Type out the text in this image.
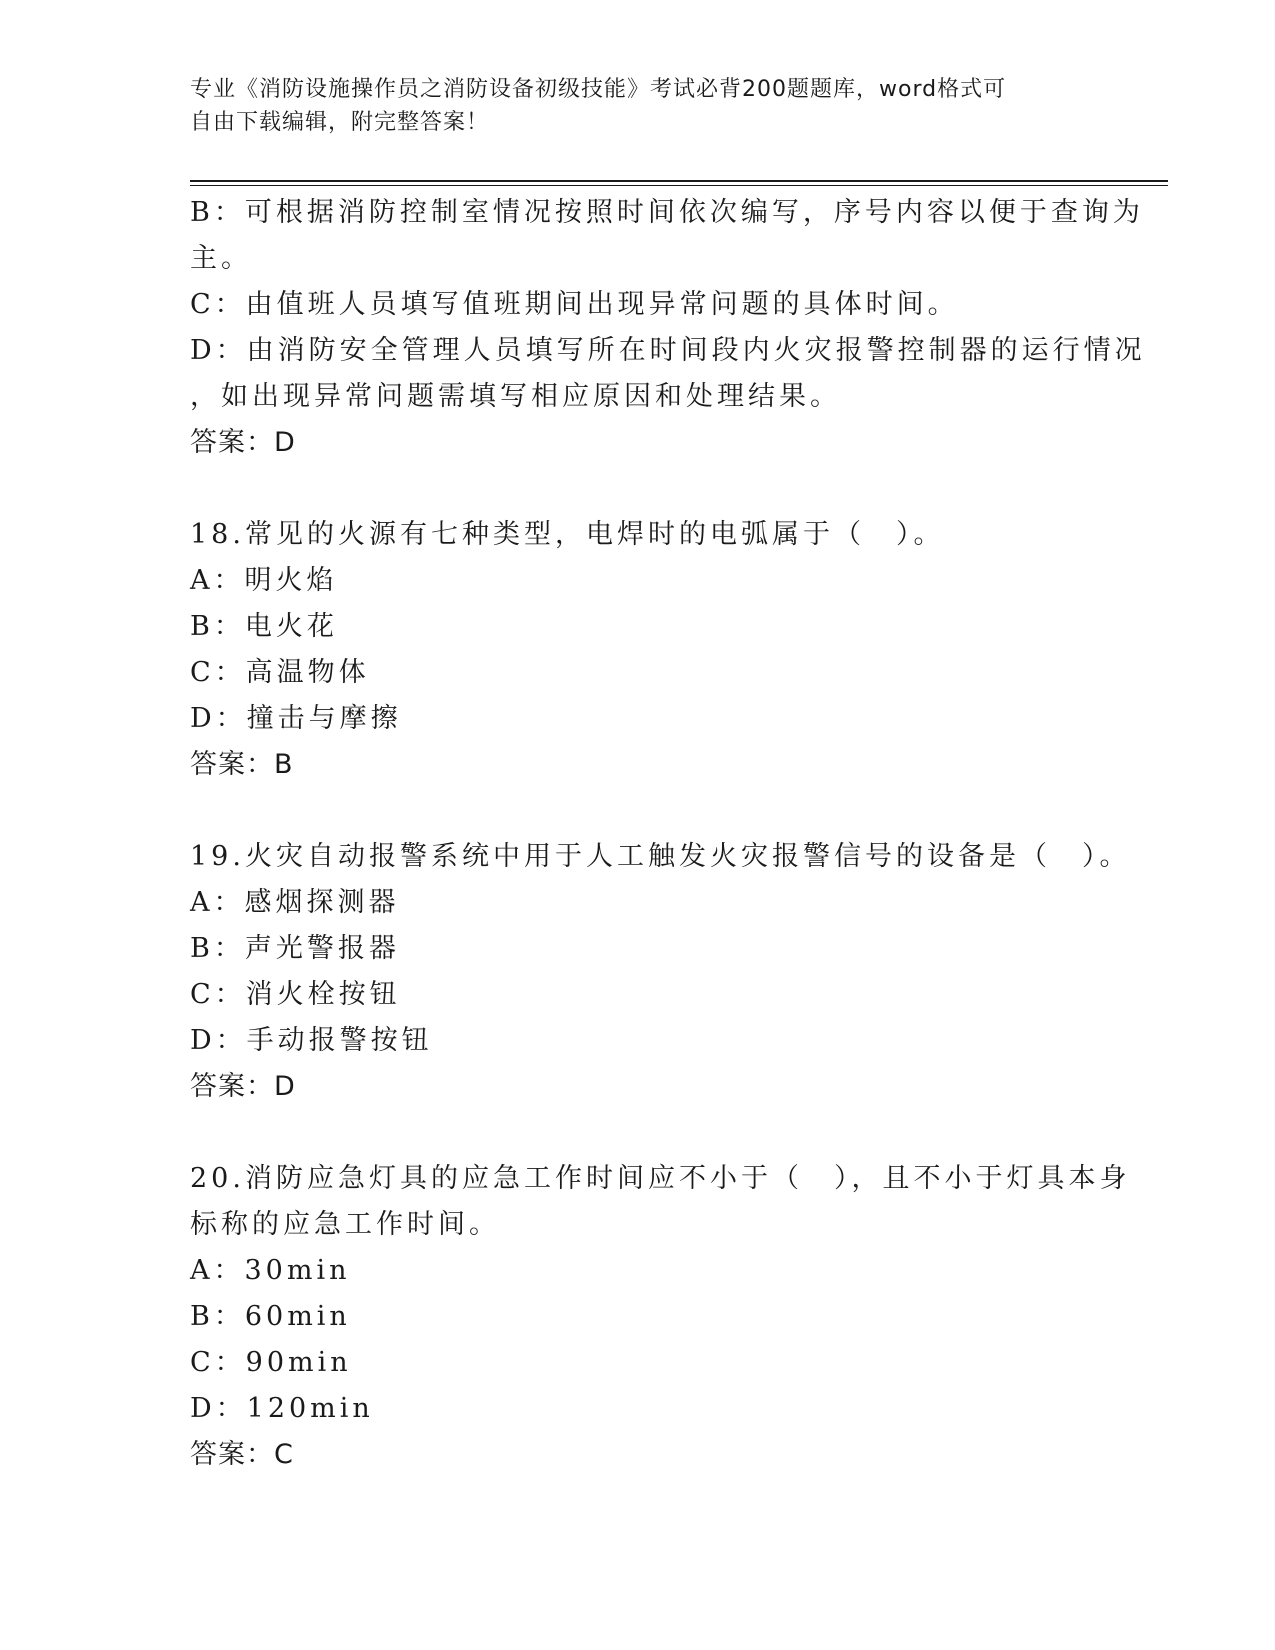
专业《消防设施操作员之消防设备初级技能》考试必背200题题库，word格式可
自由下载编辑，附完整答案！
B：可根据消防控制室情况按照时间依次编写，序号内容以便于查询为
主。
C：由值班人员填写值班期间出现异常问题的具体时间。
D：由消防安全管理人员填写所在时间段内火灾报警控制器的运行情况
，如出现异常问题需填写相应原因和处理结果。
答案：D
18.常见的火源有七种类型，电焊时的电弧属于（　）。
A：明火焰
B：电火花
C：高温物体
D：撞击与摩擦
答案：B
19.火灾自动报警系统中用于人工触发火灾报警信号的设备是（　）。
A：感烟探测器
B：声光警报器
C：消火栓按钮
D：手动报警按钮
答案：D
20.消防应急灯具的应急工作时间应不小于（　），且不小于灯具本身
标称的应急工作时间。
A：30min
B：60min
C：90min
D：120min
答案：C
